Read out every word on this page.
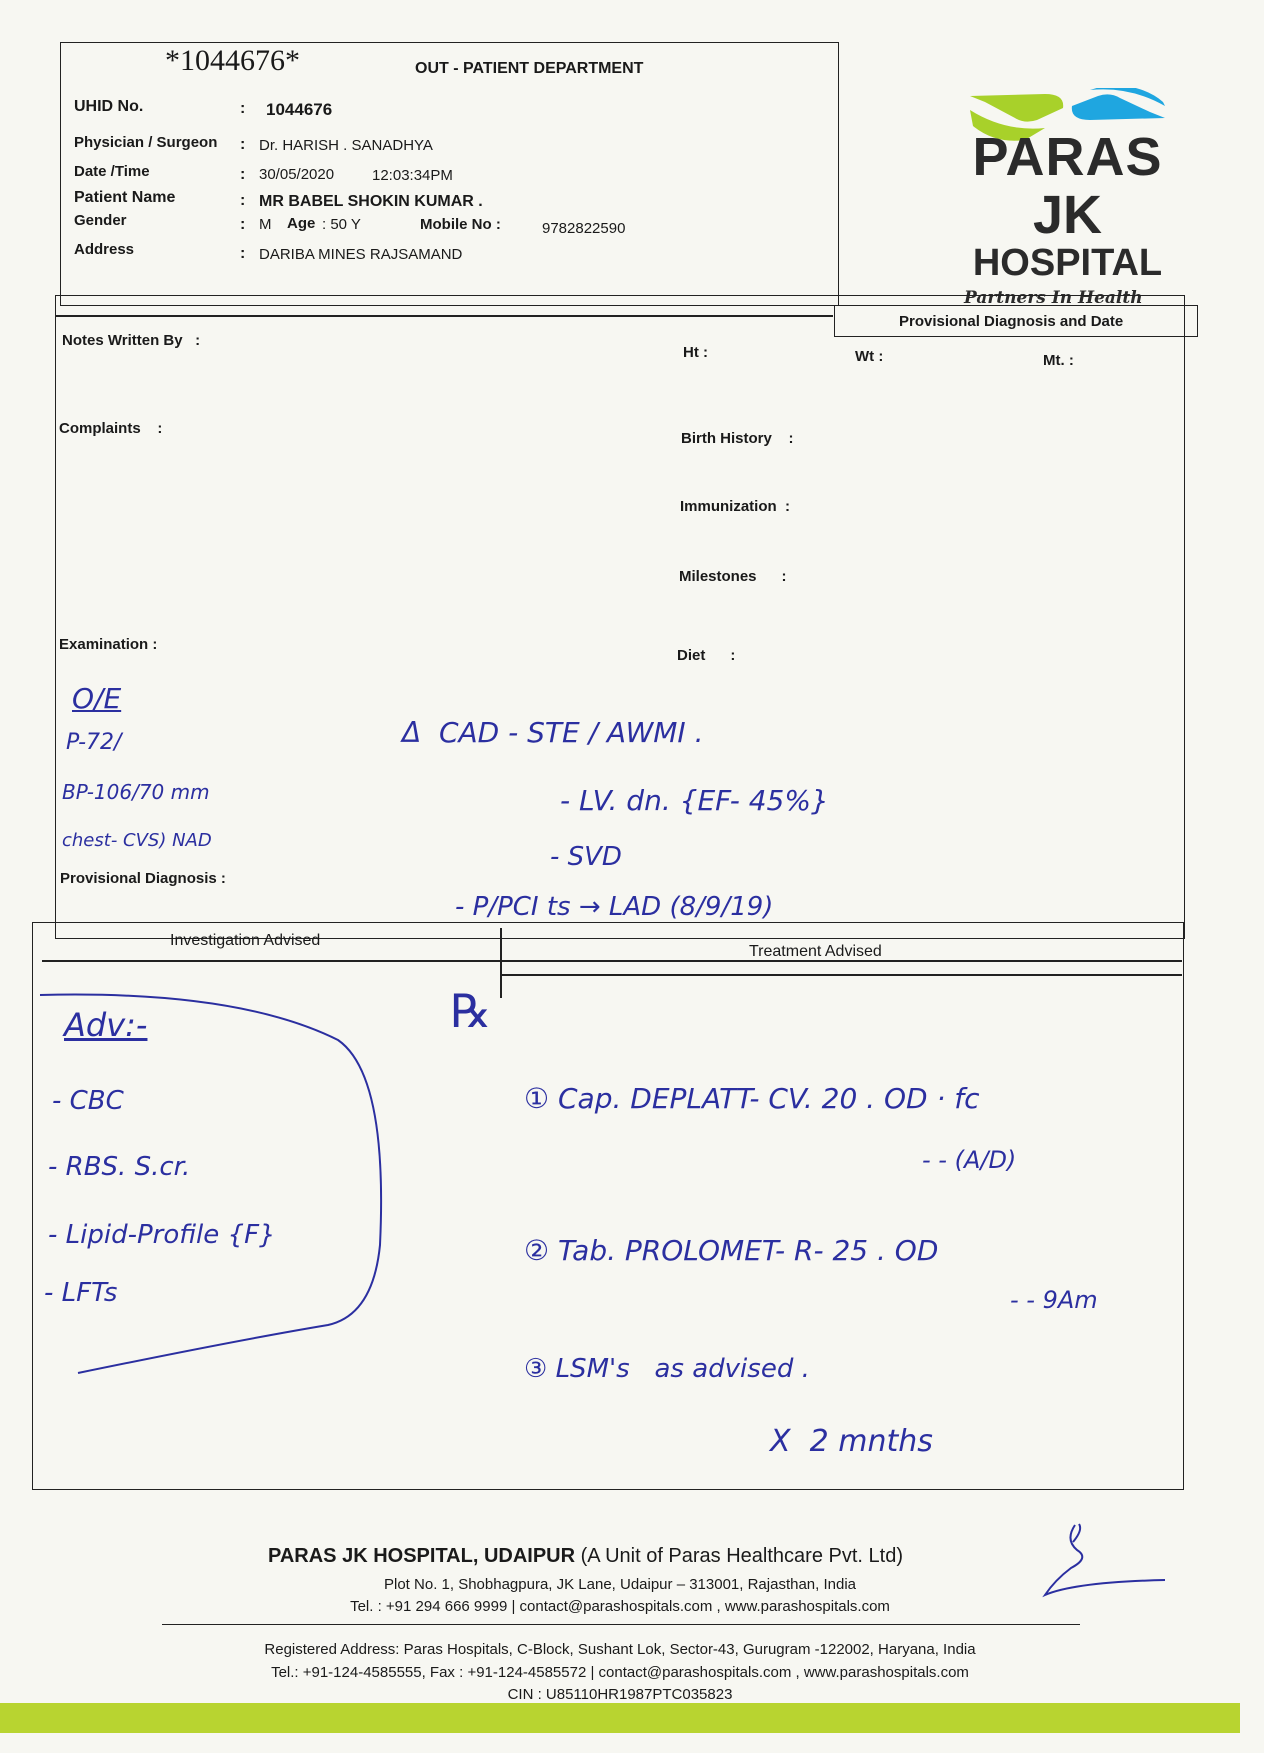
*1044676*	OUT - PATIENT DEPARTMENT
UHID No.	: 1044676
Physician / Surgeon : Dr. HARISH . SANADHYA
Date /Time	: 30/05/2020	12:03:34PM
Patient Name	: MR BABEL SHOKIN KUMAR .
Gender	: M Age : 50 Y	Mobile No :	9782822590
Address	: DARIBA MINES RAJSAMAND
PARAS
JK
HOSPITAL
Partners In Health
Provisional Diagnosis and Date
Notes Written By   :
Ht :	Wt :	Mt. :
Complaints    :
Birth History    :
Immunization  :
Milestones      :
Examination :
Diet      :
Provisional Diagnosis :
O/E
P-72/
BP-106/70 mm
chest- CVS) NAD
Δ  CAD - STE / AWMI .
- LV. dn. {EF- 45%}
- SVD
- P/PCI ts → LAD (8/9/19)
Investigation Advised
Treatment Advised
Adv:-
- CBC
- RBS. S.cr.
- Lipid-Profile {F}
- LFTs
℞
① Cap. DEPLATT- CV. 20 . OD · fc
- - (A/D)
② Tab. PROLOMET- R- 25 . OD
- - 9Am
③ LSM's   as advised .
X  2 mnths
PARAS JK HOSPITAL, UDAIPUR (A Unit of Paras Healthcare Pvt. Ltd)
Plot No. 1, Shobhagpura, JK Lane, Udaipur – 313001, Rajasthan, India
Tel. : +91 294 666 9999 | contact@parashospitals.com , www.parashospitals.com
Registered Address: Paras Hospitals, C-Block, Sushant Lok, Sector-43, Gurugram -122002, Haryana, India
Tel.: +91-124-4585555, Fax : +91-124-4585572 | contact@parashospitals.com , www.parashospitals.com
CIN : U85110HR1987PTC035823
